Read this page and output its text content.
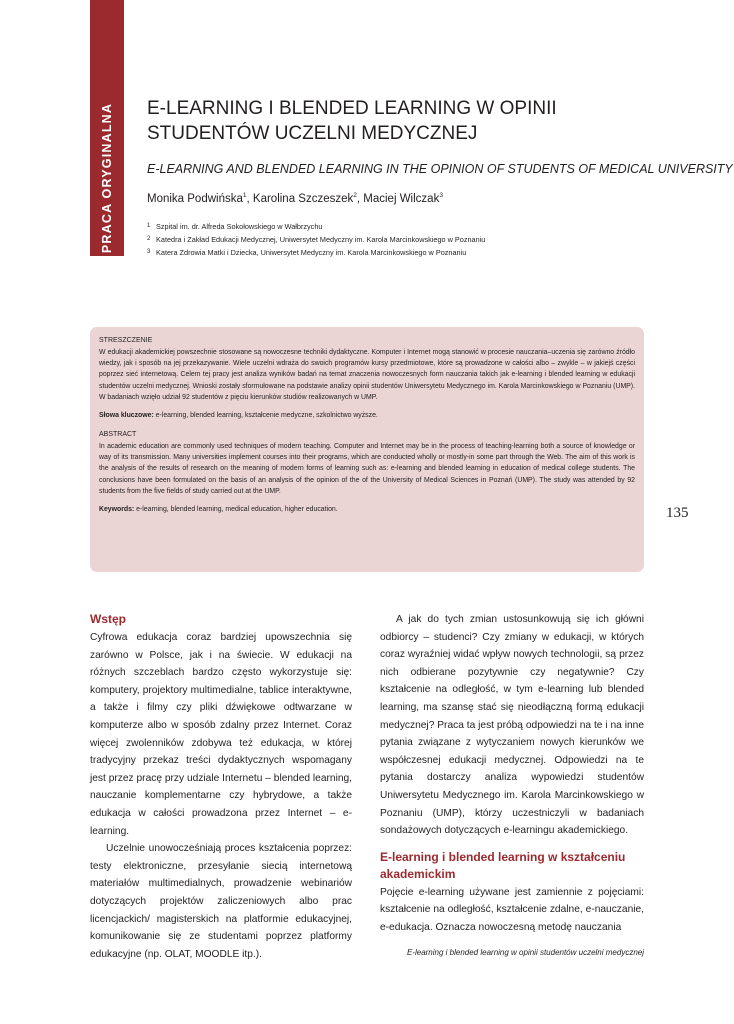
PRACA ORYGINALNA E-LEARNING I BLENDED LEARNING W OPINII STUDENTÓW UCZELNI MEDYCZNEJ
E-LEARNING AND BLENDED LEARNING IN THE OPINION OF STUDENTS OF MEDICAL UNIVERSITY
Monika Podwińska$^1$, Karolina Szczeszek$^2$, Maciej Wilczak$^3$
1 Szpital im. dr. Alfreda Sokołowskiego w Wałbrzychu
2 Katedra i Zakład Edukacji Medycznej, Uniwersytet Medyczny im. Karola Marcinkowskiego w Poznaniu
3 Katera Zdrowia Matki i Dziecka, Uniwersytet Medyczny im. Karola Marcinkowskiego w Poznaniu
STRESZCZENIE

W edukacji akademickiej powszechnie stosowane są nowoczesne techniki dydaktyczne. Komputer i Internet mogą stanowić w procesie nauczania–uczenia się zarówno źródło wiedzy, jak i sposób na jej przekazywanie. Wiele uczelni wdraża do swoich programów kursy przedmiotowe, które są prowadzone w całości albo – zwykle – w jakiejś części poprzez sieć internetową. Celem tej pracy jest analiza wyników badań na temat znaczenia nowoczesnych form nauczania takich jak e-learning i blended learning w edukacji studentów uczelni medycznej. Wnioski zostały sformułowane na podstawie analizy opinii studentów Uniwersytetu Medycznego im. Karola Marcinkowskiego w Poznaniu (UMP). W badaniach wzięło udział 92 studentów z pięciu kierunków studiów realizowanych w UMP.

Słowa kluczowe: e-learning, blended learning, kształcenie medyczne, szkolnictwo wyższe.

ABSTRACT

In academic education are commonly used techniques of modern teaching. Computer and Internet may be in the process of teaching-learning both a source of knowledge or way of its transmission. Many universities implement courses into their programs, which are conducted wholly or mostly-in some part through the Web. The aim of this work is the analysis of the results of research on the meaning of modern forms of learning such as: e-learning and blended learning in education of medical college students. The conclusions have been formulated on the basis of an analysis of the opinion of the of the University of Medical Sciences in Poznań (UMP). The study was attended by 92 students from the five fields of study carried out at the UMP.

Keywords: e-learning, blended learning, medical education, higher education.	135
Wstęp

Cyfrowa edukacja coraz bardziej upowszechnia się zarówno w Polsce, jak i na świecie. W edukacji na różnych szczeblach bardzo często wykorzystuje się: komputery, projektory multimedialne, tablice interaktywne, a także i filmy czy pliki dźwiękowe odtwarzane w komputerze albo w sposób zdalny przez Internet. Coraz więcej zwolenników zdobywa też edukacja, w której tradycyjny przekaz treści dydaktycznych wspomagany jest przez pracę przy udziale Internetu – blended learning, nauczanie komplementarne czy hybrydowe, a także edukacja w całości prowadzona przez Internet – e-learning.

Uczelnie unowocześniają proces kształcenia poprzez: testy elektroniczne, przesyłanie siecią internetową materiałów multimedialnych, prowadzenie webinariów dotyczących projektów zaliczeniowych albo prac licencjackich/ magisterskich na platformie edukacyjnej, komunikowanie się ze studentami poprzez platformy edukacyjne (np. OLAT, MOODLE itp.).

A jak do tych zmian ustosunkowują się ich główni odbiorcy – studenci? Czy zmiany w edukacji, w których coraz wyraźniej widać wpływ nowych technologii, są przez nich odbierane pozytywnie czy negatywnie? Czy kształcenie na odległość, w tym e-learning lub blended learning, ma szansę stać się nieodłączną formą edukacji medycznej? Praca ta jest próbą odpowiedzi na te i na inne pytania związane z wytyczaniem nowych kierunków we współczesnej edukacji medycznej. Odpowiedzi na te pytania dostarczy analiza wypowiedzi studentów Uniwersytetu Medycznego im. Karola Marcinkowskiego w Poznaniu (UMP), którzy uczestniczyli w badaniach sondażowych dotyczących e-learningu akademickiego.

E-learning i blended learning w kształceniu akademickim

Pojęcie e-learning używane jest zamiennie z pojęciami: kształcenie na odległość, kształcenie zdalne, e-nauczanie, e-edukacja. Oznacza nowoczesną metodę nauczania

E-learning i blended learning w opinii studentów uczelni medycznej
